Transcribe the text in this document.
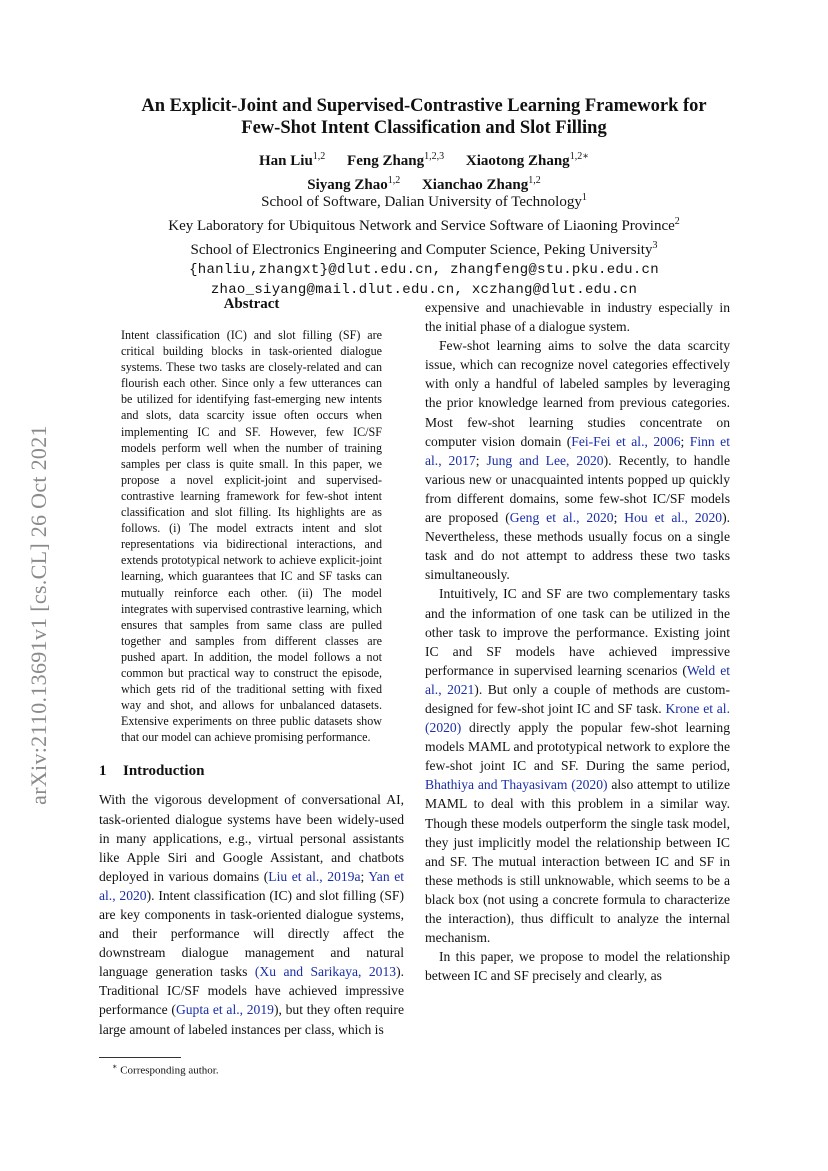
arXiv:2110.13691v1 [cs.CL] 26 Oct 2021
An Explicit-Joint and Supervised-Contrastive Learning Framework for
Few-Shot Intent Classification and Slot Filling
Han Liu$^{1,2}$ Feng Zhang$^{1,2,3}$ Xiaotong Zhang$^{1,2∗}$
Siyang Zhao$^{1,2}$ Xianchao Zhang$^{1,2}$
School of Software, Dalian University of Technology$^1$
Key Laboratory for Ubiquitous Network and Service Software of Liaoning Province$^2$
School of Electronics Engineering and Computer Science, Peking University$^3$
{hanliu,zhangxt}@dlut.edu.cn, zhangfeng@stu.pku.edu.cn
zhao_siyang@mail.dlut.edu.cn, xczhang@dlut.edu.cn
Abstract
Intent classification (IC) and slot filling (SF) are critical building blocks in task-oriented dialogue systems. These two tasks are closely-related and can flourish each other. Since only a few utterances can be utilized for identifying fast-emerging new intents and slots, data scarcity issue often occurs when implementing IC and SF. However, few IC/SF models perform well when the number of training samples per class is quite small. In this paper, we propose a novel explicit-joint and supervised-contrastive learning framework for few-shot intent classification and slot filling. Its highlights are as follows. (i) The model extracts intent and slot representations via bidirectional interactions, and extends prototypical network to achieve explicit-joint learning, which guarantees that IC and SF tasks can mutually reinforce each other. (ii) The model integrates with supervised contrastive learning, which ensures that samples from same class are pulled together and samples from different classes are pushed apart. In addition, the model follows a not common but practical way to construct the episode, which gets rid of the traditional setting with fixed way and shot, and allows for unbalanced datasets. Extensive experiments on three public datasets show that our model can achieve promising performance.
1 Introduction

With the vigorous development of conversational AI, task-oriented dialogue systems have been widely-used in many applications, e.g., virtual personal assistants like Apple Siri and Google Assistant, and chatbots deployed in various domains (Liu et al., 2019a; Yan et al., 2020). Intent classification (IC) and slot filling (SF) are key components in task-oriented dialogue systems, and their performance will directly affect the downstream dialogue management and natural language generation tasks (Xu and Sarikaya, 2013). Traditional IC/SF models have achieved impressive performance (Gupta et al., 2019), but they often require large amount of labeled instances per class, which is

expensive and unachievable in industry especially in the initial phase of a dialogue system.

Few-shot learning aims to solve the data scarcity issue, which can recognize novel categories effectively with only a handful of labeled samples by leveraging the prior knowledge learned from previous categories. Most few-shot learning studies concentrate on computer vision domain (Fei-Fei et al., 2006; Finn et al., 2017; Jung and Lee, 2020). Recently, to handle various new or unacquainted intents popped up quickly from different domains, some few-shot IC/SF models are proposed (Geng et al., 2020; Hou et al., 2020). Nevertheless, these methods usually focus on a single task and do not attempt to address these two tasks simultaneously.

Intuitively, IC and SF are two complementary tasks and the information of one task can be utilized in the other task to improve the performance. Existing joint IC and SF models have achieved impressive performance in supervised learning scenarios (Weld et al., 2021). But only a couple of methods are custom-designed for few-shot joint IC and SF task. Krone et al. (2020) directly apply the popular few-shot learning models MAML and prototypical network to explore the few-shot joint IC and SF. During the same period, Bhathiya and Thayasivam (2020) also attempt to utilize MAML to deal with this problem in a similar way. Though these models outperform the single task model, they just implicitly model the relationship between IC and SF. The mutual interaction between IC and SF in these methods is still unknowable, which seems to be a black box (not using a concrete formula to characterize the interaction), thus difficult to analyze the internal mechanism.

In this paper, we propose to model the relationship between IC and SF precisely and clearly, as

∗ Corresponding author.
